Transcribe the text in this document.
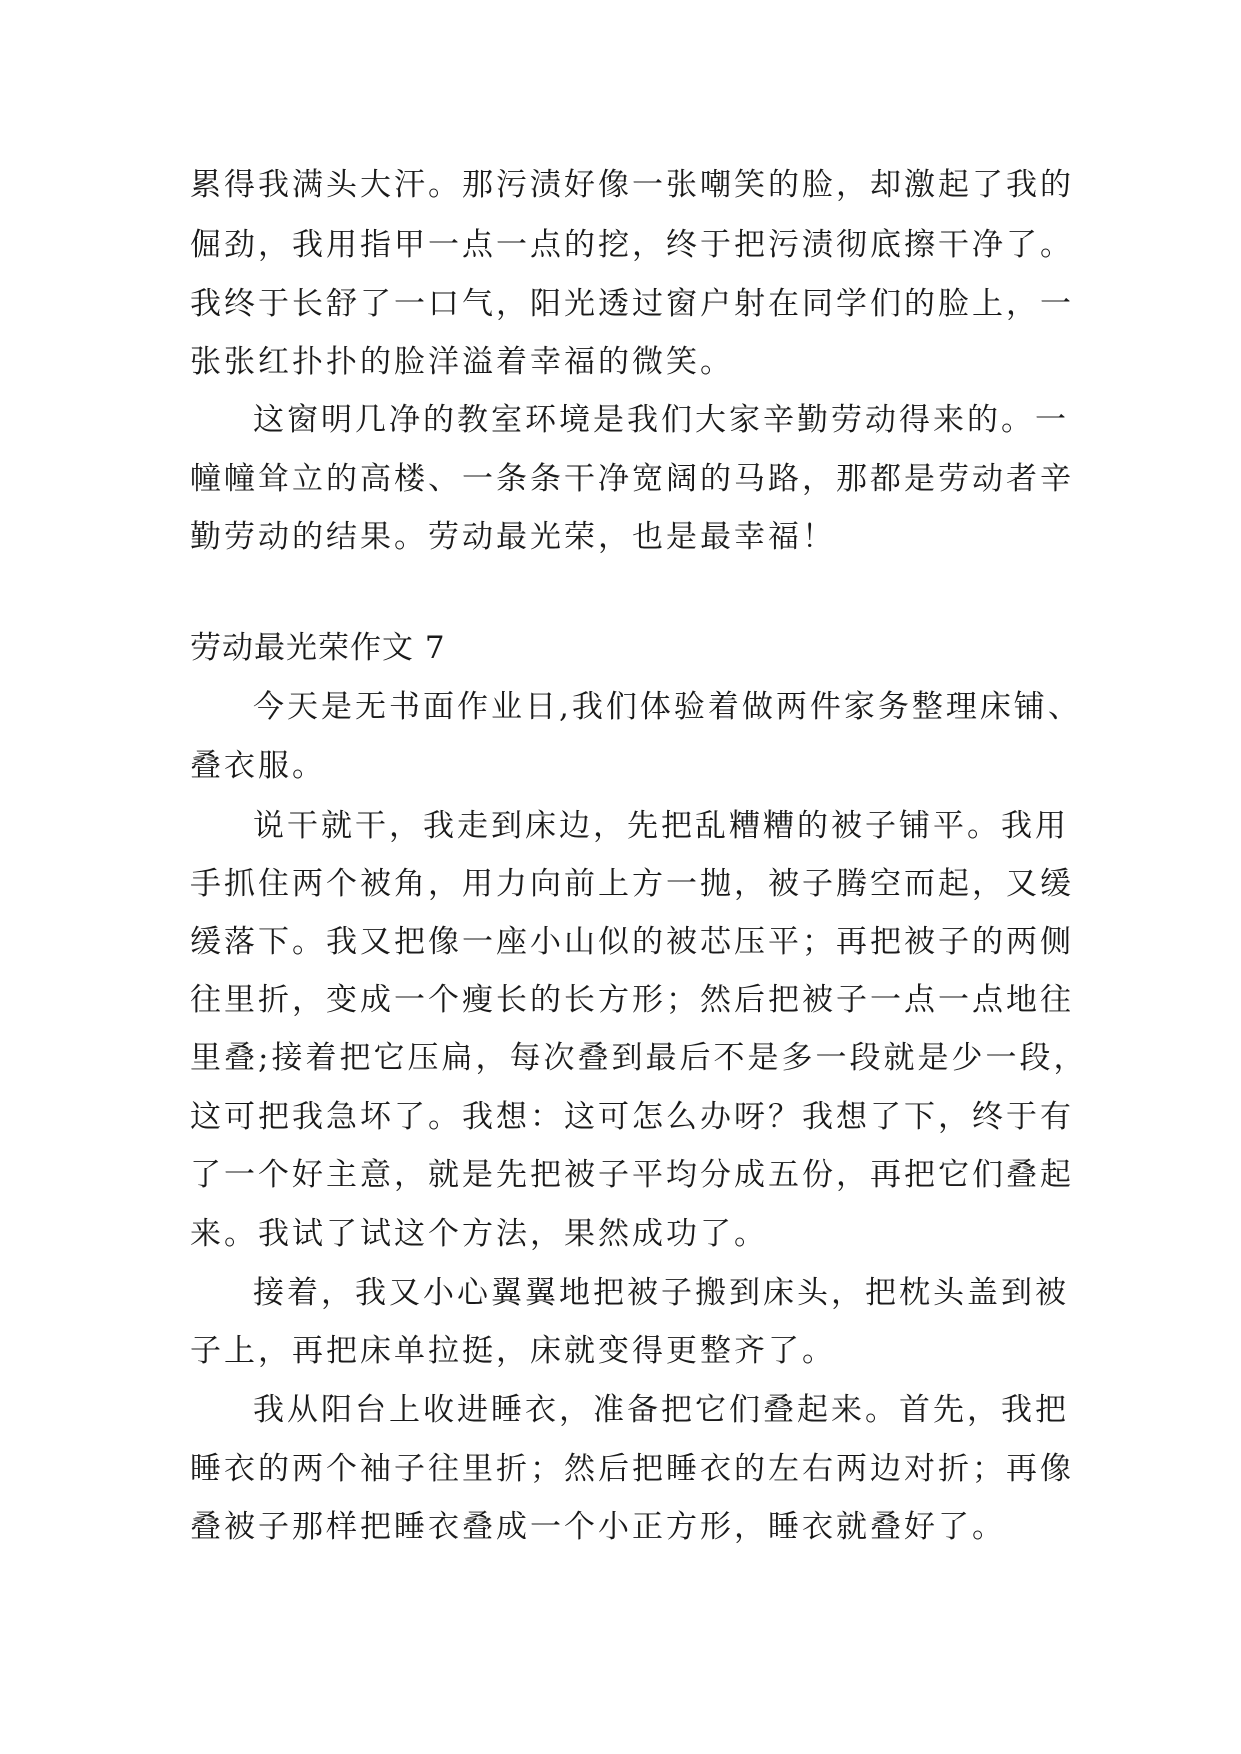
累得我满头大汗。那污渍好像一张嘲笑的脸，却激起了我的
倔劲，我用指甲一点一点的挖，终于把污渍彻底擦干净了。
我终于长舒了一口气，阳光透过窗户射在同学们的脸上，一
张张红扑扑的脸洋溢着幸福的微笑。
这窗明几净的教室环境是我们大家辛勤劳动得来的。一
幢幢耸立的高楼、一条条干净宽阔的马路，那都是劳动者辛
勤劳动的结果。劳动最光荣，也是最幸福！
劳动最光荣作文 7
今天是无书面作业日,我们体验着做两件家务整理床铺、
叠衣服。
说干就干，我走到床边，先把乱糟糟的被子铺平。我用
手抓住两个被角，用力向前上方一抛，被子腾空而起，又缓
缓落下。我又把像一座小山似的被芯压平；再把被子的两侧
往里折，变成一个瘦长的长方形；然后把被子一点一点地往
里叠;接着把它压扁，每次叠到最后不是多一段就是少一段，
这可把我急坏了。我想：这可怎么办呀？我想了下，终于有
了一个好主意，就是先把被子平均分成五份，再把它们叠起
来。我试了试这个方法，果然成功了。
接着，我又小心翼翼地把被子搬到床头，把枕头盖到被
子上，再把床单拉挺，床就变得更整齐了。
我从阳台上收进睡衣，准备把它们叠起来。首先，我把
睡衣的两个袖子往里折；然后把睡衣的左右两边对折；再像
叠被子那样把睡衣叠成一个小正方形，睡衣就叠好了。
